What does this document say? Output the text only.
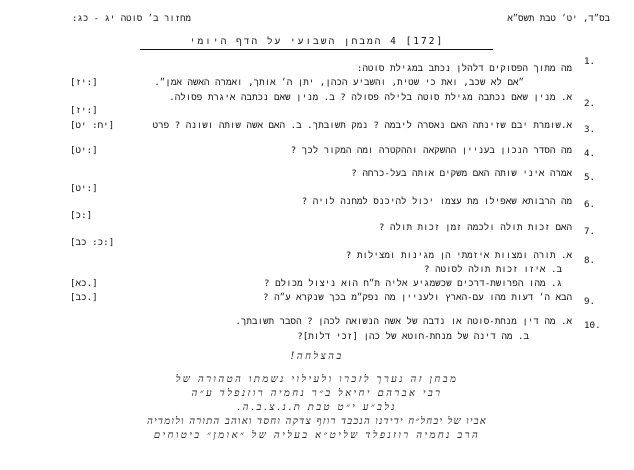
בס״ד, יט׳ טבת תשס״א
מחזור ב׳ סוטה יג - כג:
[172] 4 המבחן השבועי על הדף היומי
1.
מה מתוך הפסוקים דלהלן נכתב במגילת סוטה:
״אם לא שכב, ואת כי שטית, והשביע הכהן, יתן ה׳ אותך, ואמרה האשה אמן״.
[יז:]
2.
א. מנין שאם נכתבה מגילת סוטה בלילה פסולה ? ב. מנין שאם נכתבה איגרת פסולה.
[יז:]
3.
א.שומרת יבם שזינתה האם נאסרה ליבמה ? נמק תשובתך. ב. האם אשה שותה ושונה ? פרט
[יח: יט]
4.
מה הסדר הנכון בעניין ההשקאה וההקטרה ומה המקור לכך ?
[יט:]
5.
אמרה איני שותה האם משקים אותה בעל-כרחה ?
[יט:]
6.
מה הרבותא שאפילו מת עצמו יכול להיכנס למחנה לויה ?
[כ:]
7.
האם זכות תולה ולכמה זמן זכות תולה ?
[כ: כב:]
8.
א. תורה ומצוות איזמתי הן מגינות ומצילות ?
ב. איזו זכות תולה לסוטה ?
ג. מהו הפרושת-דרכים שכשמגיע אליה ת״ח הוא ניצול מכולם ?
[כא.]
9.
הבא ה׳ דעות מהו עם-הארץ ולעניין מה נפק״מ בכך שנקרא ע״ה ?
[כב.]
10.
א. מה דין מנחת-סוטה או נדבה של אשה הנשואה לכהן ? הסבר תשובתך.
ב. מה דינה של מנחת-חוטא של כהן [זכי דלות]?
בהצלחה!
מבחן זה נערך לזכרו ולעילוי נשמתו הטהורה של
רבי אברהם יחיאל ב״ר נחמיה רוזנפלד ע״ה
נלב״ע י״ט טבת ת.נ.צ.ב.ה.
אביו של יבחל״ח ידידנו הנכבד רוזף צדקה וחסד ואוהב התורה ולומדיה
הרב נחמיה רוזנפלד שליט״א בעליה של ״אומן״ ביטוחים
